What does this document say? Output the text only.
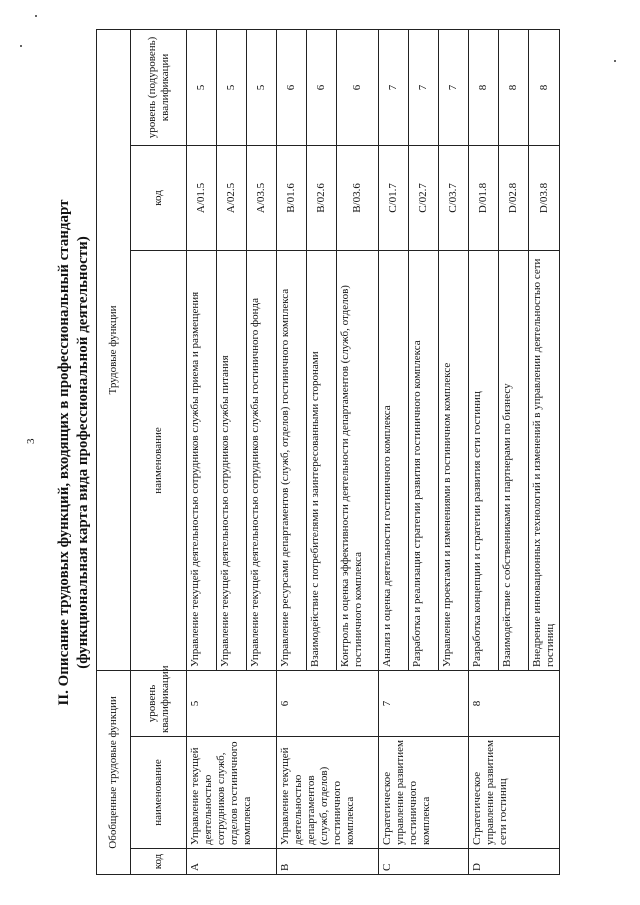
3 II. Описание трудовых функций, входящих в профессиональный стандарт (функциональная карта вида профессиональной деятельности)
Обобщенные трудовые функции			Трудовые функции		
код	наименование	уровень квалификации	наименование	код	уровень (подуровень) квалификации
A	Управление текущей деятельностью сотрудников служб, отделов гостиничного комплекса	5	Управление текущей деятельностью сотрудников службы приема и размещения	A/01.5	5
			Управление текущей деятельностью сотрудников службы питания	A/02.5	5
			Управление текущей деятельностью сотрудников службы гостиничного фонда	A/03.5	5
B	Управление текущей деятельностью департаментов (служб, отделов) гостиничного комплекса	6	Управление ресурсами департаментов (служб, отделов) гостиничного комплекса	B/01.6	6
			Взаимодействие с потребителями и заинтересованными сторонами	B/02.6	6
			Контроль и оценка эффективности деятельности департаментов (служб, отделов) гостиничного комплекса	B/03.6	6
C	Стратегическое управление развитием гостиничного комплекса	7	Анализ и оценка деятельности гостиничного комплекса	C/01.7	7
			Разработка и реализация стратегии развития гостиничного комплекса	C/02.7	7
			Управление проектами и изменениями в гостиничном комплексе	C/03.7	7
D	Стратегическое управление развитием сети гостиниц	8	Разработка концепции и стратегии развития сети гостиниц	D/01.8	8
			Взаимодействие с собственниками и партнерами по бизнесу	D/02.8	8
			Внедрение инновационных технологий и изменений в управлении деятельностью сети гостиниц	D/03.8	8
